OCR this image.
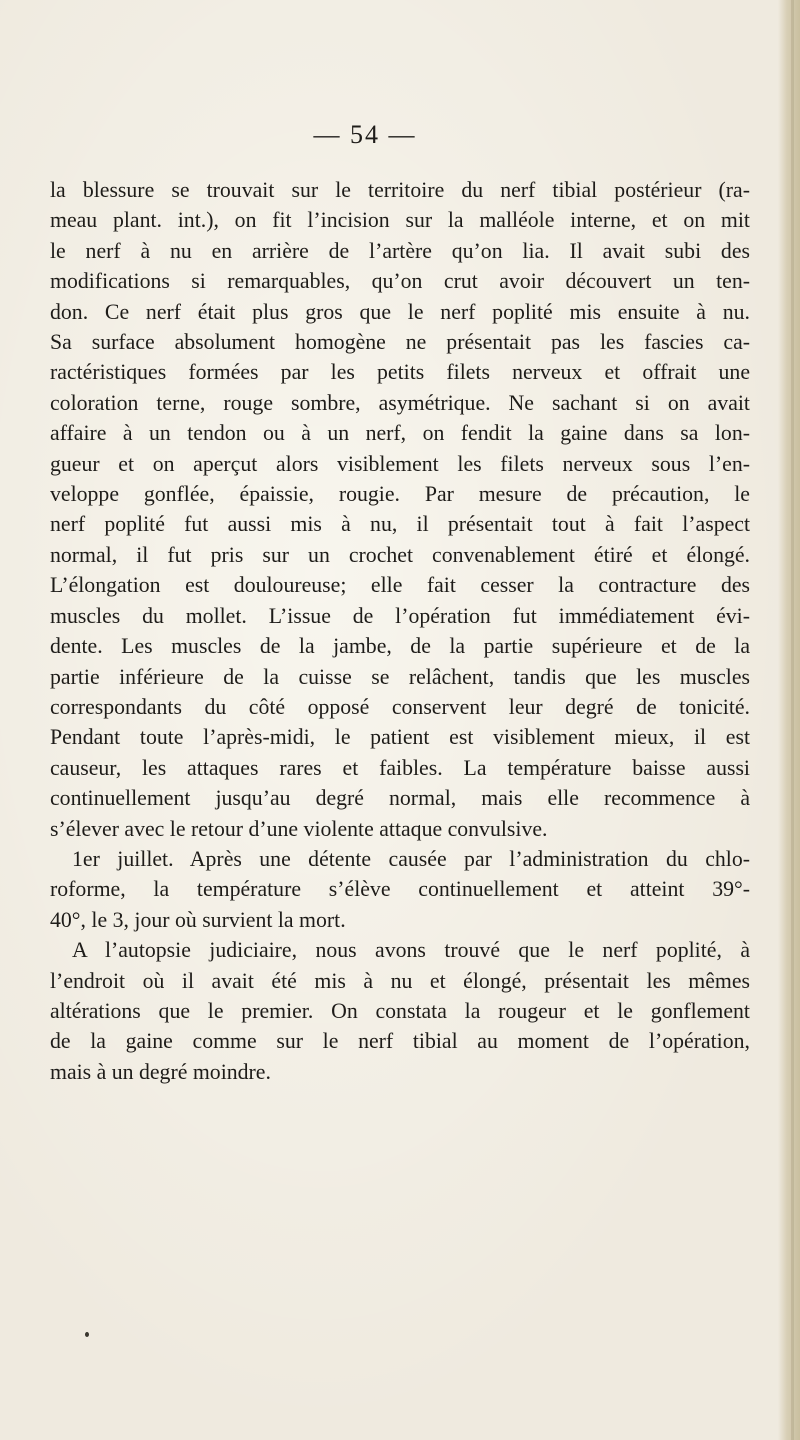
— 54 —

la blessure se trouvait sur le territoire du nerf tibial postérieur (ra-
meau plant. int.), on fit l’incision sur la malléole interne, et on mit
le nerf à nu en arrière de l’artère qu’on lia. Il avait subi des
modifications si remarquables, qu’on crut avoir découvert un ten-
don. Ce nerf était plus gros que le nerf poplité mis ensuite à nu.
Sa surface absolument homogène ne présentait pas les fascies ca-
ractéristiques formées par les petits filets nerveux et offrait une
coloration terne, rouge sombre, asymétrique. Ne sachant si on avait
affaire à un tendon ou à un nerf, on fendit la gaine dans sa lon-
gueur et on aperçut alors visiblement les filets nerveux sous l’en-
veloppe gonflée, épaissie, rougie. Par mesure de précaution, le
nerf poplité fut aussi mis à nu, il présentait tout à fait l’aspect
normal, il fut pris sur un crochet convenablement étiré et élongé.
L’élongation est douloureuse; elle fait cesser la contracture des
muscles du mollet. L’issue de l’opération fut immédiatement évi-
dente. Les muscles de la jambe, de la partie supérieure et de la
partie inférieure de la cuisse se relâchent, tandis que les muscles
correspondants du côté opposé conservent leur degré de tonicité.
Pendant toute l’après-midi, le patient est visiblement mieux, il est
causeur, les attaques rares et faibles. La température baisse aussi
continuellement jusqu’au degré normal, mais elle recommence à
s’élever avec le retour d’une violente attaque convulsive.
1er juillet. Après une détente causée par l’administration du chlo-
roforme, la température s’élève continuellement et atteint 39°-
40°, le 3, jour où survient la mort.
A l’autopsie judiciaire, nous avons trouvé que le nerf poplité, à
l’endroit où il avait été mis à nu et élongé, présentait les mêmes
altérations que le premier. On constata la rougeur et le gonflement
de la gaine comme sur le nerf tibial au moment de l’opération,
mais à un degré moindre.
